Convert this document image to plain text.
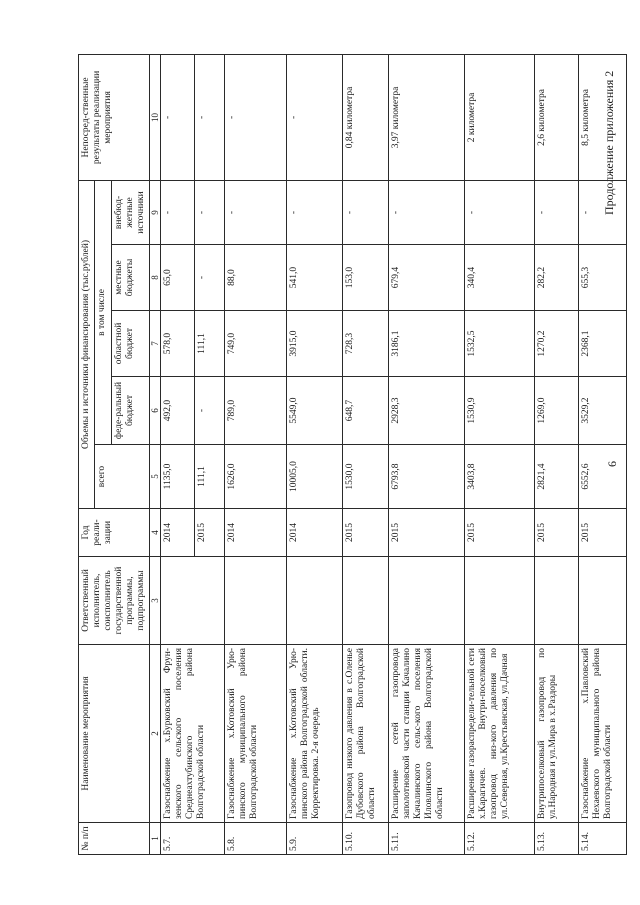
6
Продолжение приложения 2
№ п/п	Наименование мероприятия	Ответственный исполнитель, соисполнитель государственной программы, подпрограммы	Год реали-зации	Объемы и источники финансирования (тыс.рублей)					Непосред-ственные результаты реализации мероприятия
				всего	в том числе				
					феде-ральный бюджет	областной бюджет	местные бюджеты	внебюд-жетные источники	
1	2	3	4	5	6	7	8	9	10
5.7.	Газоснабжение х.Бурковский Фрун-зенского сельского поселения Среднеахтубинского района Волгоградской области		2014	1135,0	492,0	578,0	65,0	-	-
			2015	111,1	-	111,1	-	-	-
5.8.	Газоснабжение х.Котовский Урю-пинского муниципального района Волгоградской области		2014	1626,0	789,0	749,0	88,0	-	-
5.9.	Газоснабжение х.Котовский Урю-пинского района Волгоградской области. Корректировка. 2-я очередь		2014	10005,0	5549,0	3915,0	541,0	-	-
5.10.	Газопровод низкого давления в с.Оленье Дубовского района Волгоградской области		2015	1530,0	648,7	728,3	153,0	-	0,84 километра
5.11.	Расширение сетей газопровода заполотновской части станции Качалино Качалинского сельс-кого поселения Иловлинского района Волгоградской области		2015	6793,8	2928,3	3186,1	679,4	-	3,97 километра
5.12.	Расширение газораспредели-тельной сети х.Карагичев. Внутри-поселковый газопровод низ-кого давления по ул.Северная, ул.Крестьянская, ул.Дачная		2015	3403,8	1530,9	1532,5	340,4	-	2 километра
5.13.	Внутрипоселковый газопровод по ул.Народная и ул.Мира в х.Раздоры		2015	2821,4	1269,0	1270,2	282,2	-	2,6 километра
5.14.	Газоснабжение х.Павловский Нехаевского муниципального района Волгоградской области		2015	6552,6	3529,2	2368,1	655,3	-	8,5 километра
